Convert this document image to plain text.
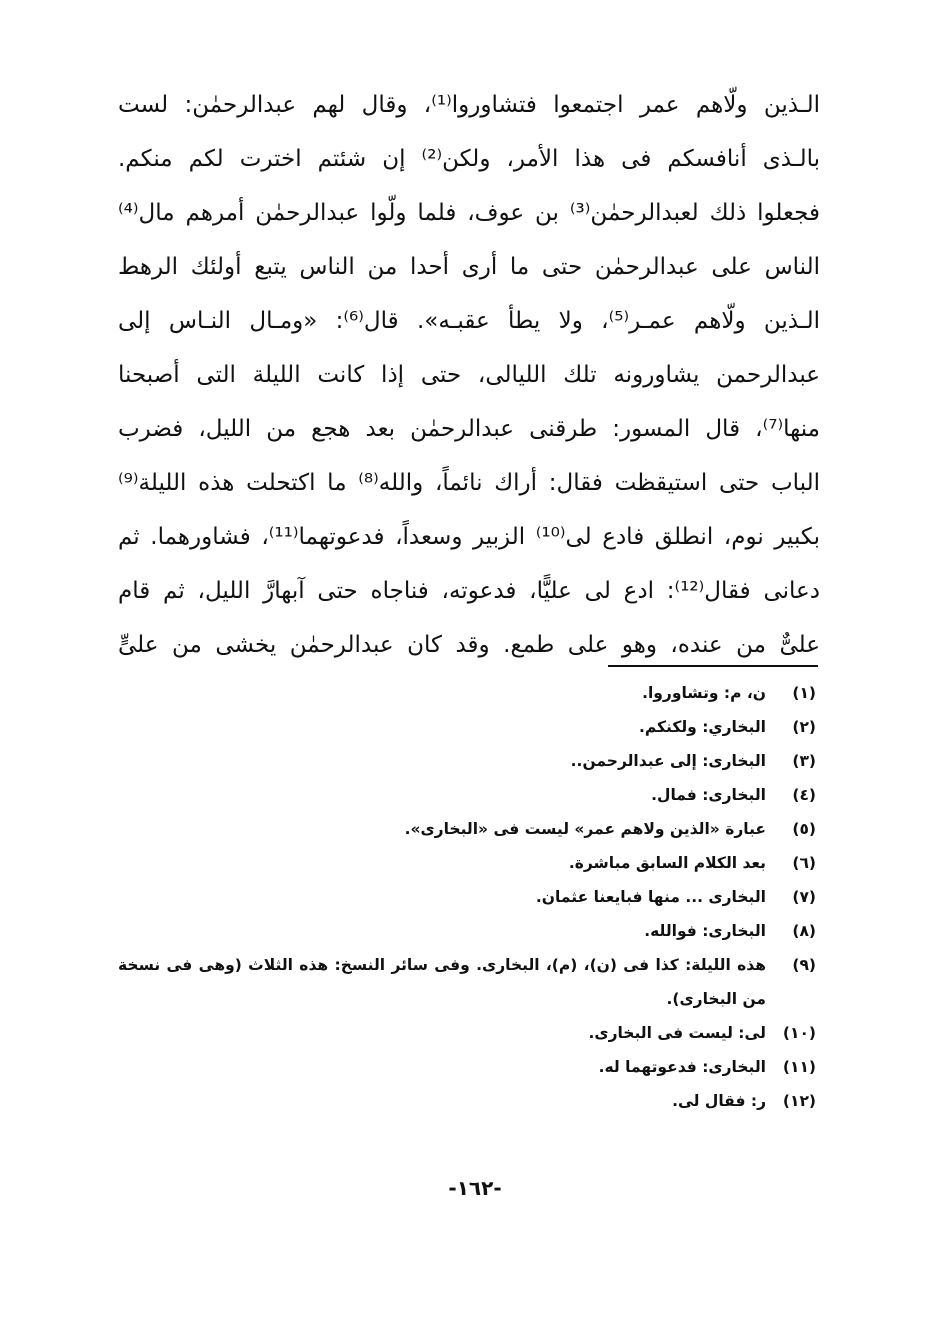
الـذين ولّاهم عمر اجتمعوا فتشاوروا⁽¹⁾، وقال لهم عبدالرحمٰن: لست
بالـذى أنافسكم فى هذا الأمر، ولكن⁽²⁾ إن شئتم اخترت لكم منكم.
فجعلوا ذلك لعبدالرحمٰن⁽³⁾ بن عوف، فلما ولّوا عبدالرحمٰن أمرهم مال⁽⁴⁾
الناس على عبدالرحمٰن حتى ما أرى أحدا من الناس يتبع أولئك الرهط
الـذين ولّاهم عمـر⁽⁵⁾، ولا يطأ عقبـه». قال⁽⁶⁾: «ومـال النـاس إلى
عبدالرحمن يشاورونه تلك الليالى، حتى إذا كانت الليلة التى أصبحنا
منها⁽⁷⁾، قال المسور: طرقنى عبدالرحمٰن بعد هجع من الليل، فضرب
الباب حتى استيقظت فقال: أراك نائماً، والله⁽⁸⁾ ما اكتحلت هذه الليلة⁽⁹⁾
بكبير نوم، انطلق فادع لى⁽¹⁰⁾ الزبير وسعداً، فدعوتهما⁽¹¹⁾، فشاورهما. ثم
دعانى فقال⁽¹²⁾: ادع لى عليًّا، فدعوته، فناجاه حتى آبهارَّ الليل، ثم قام
علىٌّ من عنده، وهو على طمع. وقد كان عبدالرحمٰن يخشى من علىٍّ
(١)
ن، م: وتشاوروا.
(٢)
البخاري: ولكنكم.
(٣)
البخارى: إلى عبدالرحمن..
(٤)
البخارى: فمال.
(٥)
عبارة «الذين ولاهم عمر» ليست فى «البخارى».
(٦)
بعد الكلام السابق مباشرة.
(٧)
البخارى ... منها فبايعنا عثمان.
(٨)
البخارى: فوالله.
(٩)
هذه الليلة: كذا فى (ن)، (م)، البخارى. وفى سائر النسخ: هذه الثلاث (وهى فى نسخة من البخارى).
(١٠)
لى: ليست فى البخارى.
(١١)
البخارى: فدعوتهما له.
(١٢)
ر: فقال لى.
-١٦٢-
